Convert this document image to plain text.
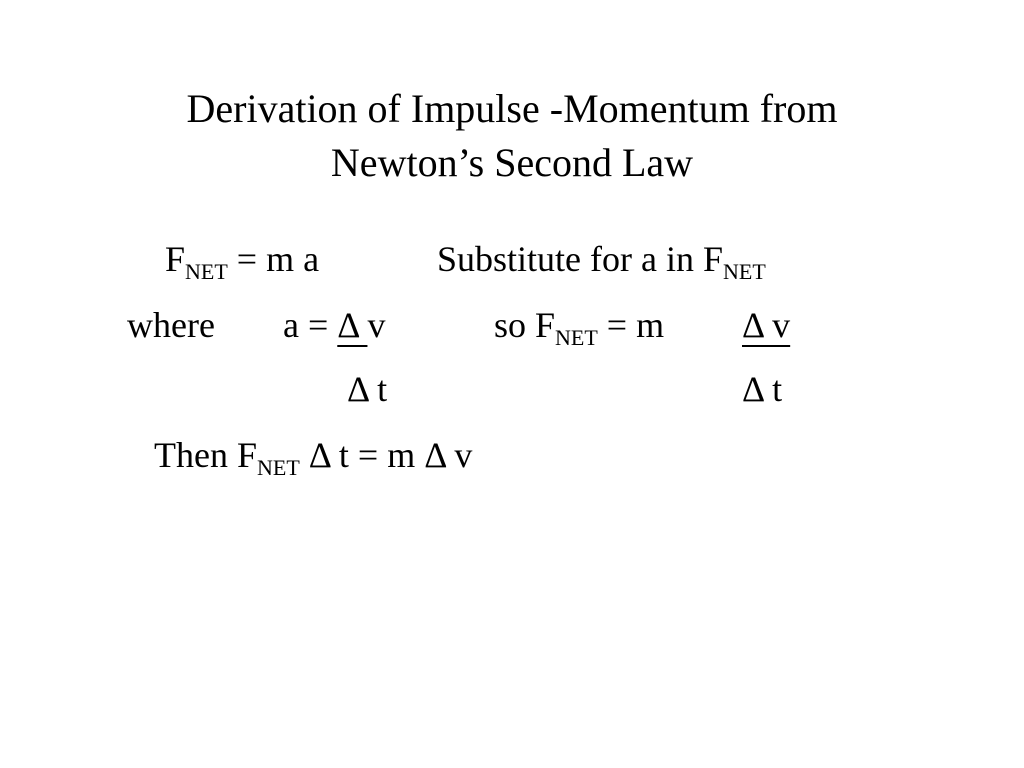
Derivation of Impulse -Momentum from
Newton’s Second Law
$F_{NET} = m$ a	Substitute for a in $F_{NET}$
where a = Δ v	so $F_{NET} = m$ Δ v
Δ t	Δ t
Then $F_{NET}$ Δ t = m Δ v
